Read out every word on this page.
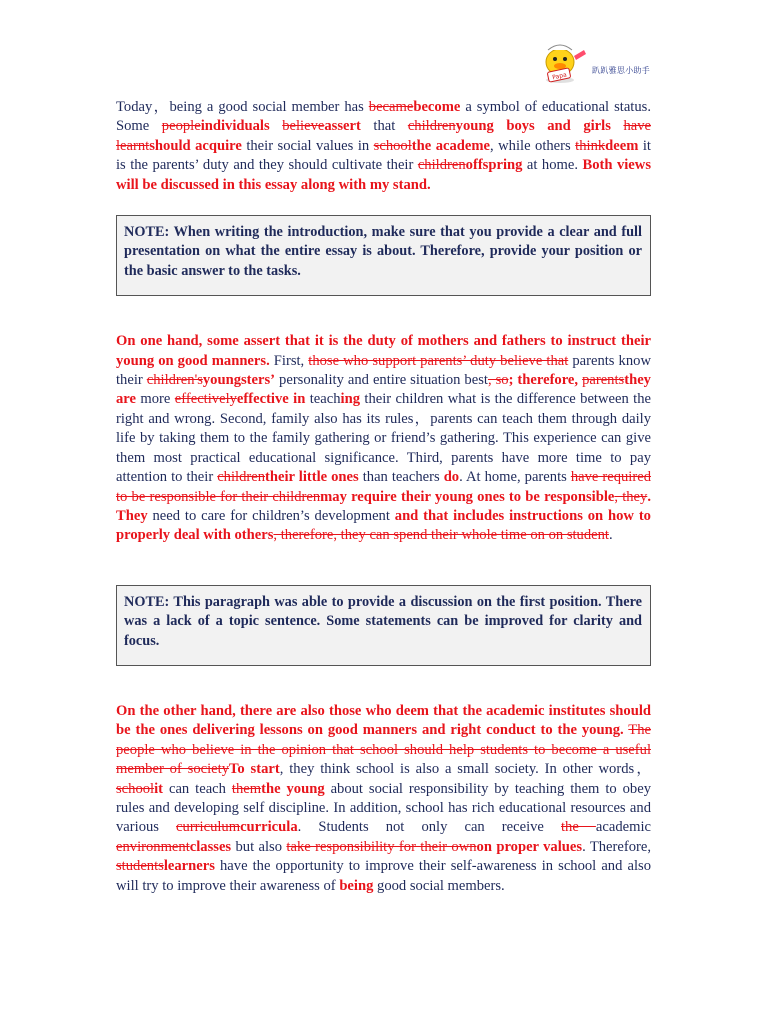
Papa
趴趴雅思小助手

Today，being a good social member has becamebecome a symbol of educational status. Some peopleindividuals believeassert that childrenyoung boys and girls have learntshould acquire their social values in schoolthe academe, while others thinkdeem it is the parents’ duty and they should cultivate their childrenoffspring at home. Both views will be discussed in this essay along with my stand.

NOTE: When writing the introduction, make sure that you provide a clear and full presentation on what the entire essay is about. Therefore, provide your position or the basic answer to the tasks.

On one hand, some assert that it is the duty of mothers and fathers to instruct their young on good manners. First, those who support parents’ duty believe that parents know their children'syoungsters’ personality and entire situation best, so; therefore, parentsthey are more effectivelyeffective in teaching their children what is the difference between the right and wrong. Second, family also has its rules，parents can teach them through daily life by taking them to the family gathering or friend’s gathering. This experience can give them most practical educational significance. Third, parents have more time to pay attention to their childrentheir little ones than teachers do. At home, parents have required to be responsible for their childrenmay require their young ones to be responsible, they. They need to care for children’s development and that includes instructions on how to properly deal with others, therefore, they can spend their whole time on on student.

NOTE: This paragraph was able to provide a discussion on the first position. There was a lack of a topic sentence. Some statements can be improved for clarity and focus.

On the other hand, there are also those who deem that the academic institutes should be the ones delivering lessons on good manners and right conduct to the young. The people who believe in the opinion that school should help students to become a useful member of societyTo start, they think school is also a small society. In other words，schoolit can teach themthe young about social responsibility by teaching them to obey rules and developing self discipline. In addition, school has rich educational resources and various curriculumcurricula. Students not only can receive the academic environmentclasses but also take responsibility for their ownon proper values. Therefore, studentslearners have the opportunity to improve their self-awareness in school and also will try to improve their awareness of being good social members.
